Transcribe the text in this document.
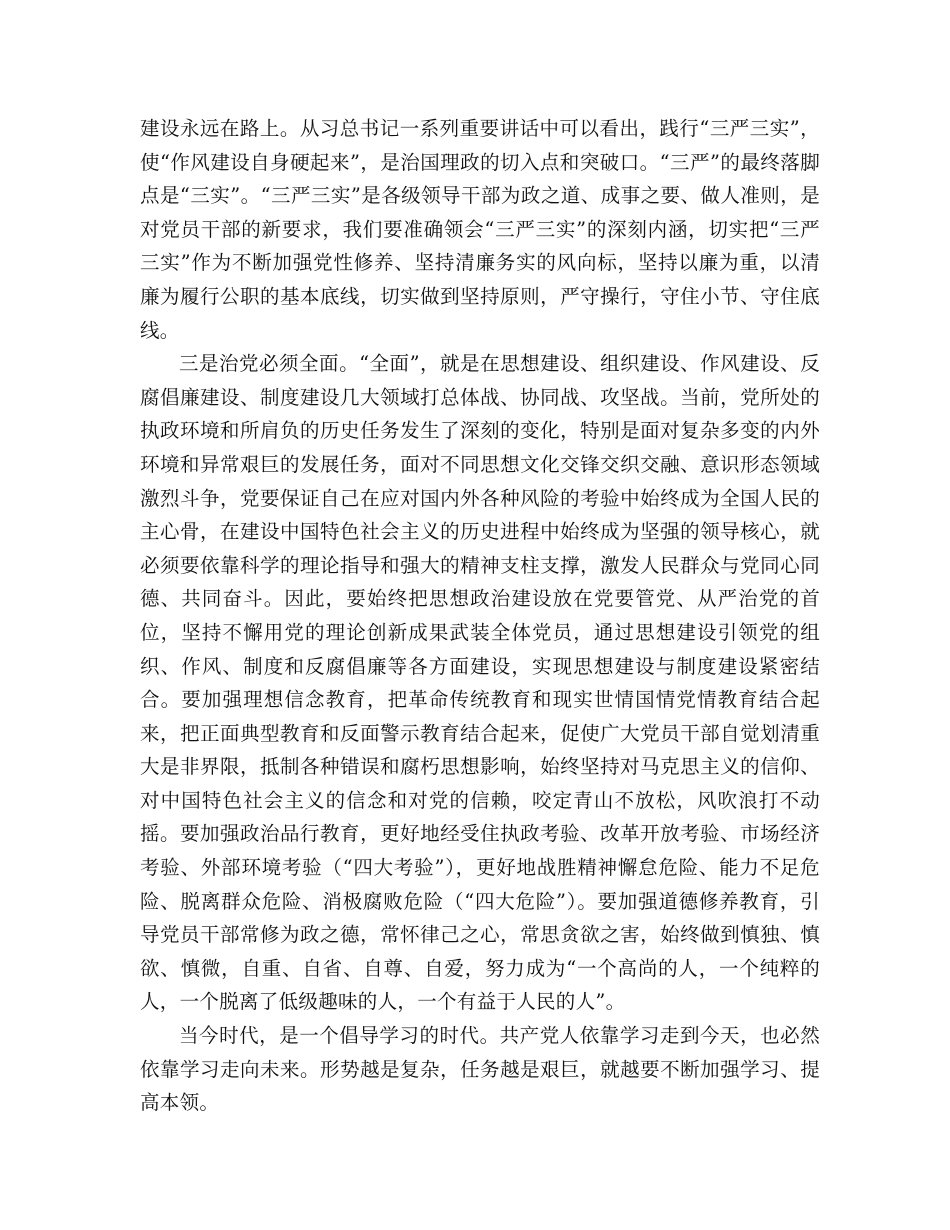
建设永远在路上。从习总书记一系列重要讲话中可以看出，践行“三严三实”，使“作风建设自身硬起来”，是治国理政的切入点和突破口。“三严”的最终落脚点是“三实”。“三严三实”是各级领导干部为政之道、成事之要、做人准则，是对党员干部的新要求，我们要准确领会“三严三实”的深刻内涵，切实把“三严三实”作为不断加强党性修养、坚持清廉务实的风向标，坚持以廉为重，以清廉为履行公职的基本底线，切实做到坚持原则，严守操行，守住小节、守住底线。

三是治党必须全面。“全面”，就是在思想建设、组织建设、作风建设、反腐倡廉建设、制度建设几大领域打总体战、协同战、攻坚战。当前，党所处的执政环境和所肩负的历史任务发生了深刻的变化，特别是面对复杂多变的内外环境和异常艰巨的发展任务，面对不同思想文化交锋交织交融、意识形态领域激烈斗争，党要保证自己在应对国内外各种风险的考验中始终成为全国人民的主心骨，在建设中国特色社会主义的历史进程中始终成为坚强的领导核心，就必须要依靠科学的理论指导和强大的精神支柱支撑，激发人民群众与党同心同德、共同奋斗。因此，要始终把思想政治建设放在党要管党、从严治党的首位，坚持不懈用党的理论创新成果武装全体党员，通过思想建设引领党的组织、作风、制度和反腐倡廉等各方面建设，实现思想建设与制度建设紧密结合。要加强理想信念教育，把革命传统教育和现实世情国情党情教育结合起来，把正面典型教育和反面警示教育结合起来，促使广大党员干部自觉划清重大是非界限，抵制各种错误和腐朽思想影响，始终坚持对马克思主义的信仰、对中国特色社会主义的信念和对党的信赖，咬定青山不放松，风吹浪打不动摇。要加强政治品行教育，更好地经受住执政考验、改革开放考验、市场经济考验、外部环境考验（“四大考验”），更好地战胜精神懈怠危险、能力不足危险、脱离群众危险、消极腐败危险（“四大危险”）。要加强道德修养教育，引导党员干部常修为政之德，常怀律己之心，常思贪欲之害，始终做到慎独、慎欲、慎微，自重、自省、自尊、自爱，努力成为“一个高尚的人，一个纯粹的人，一个脱离了低级趣味的人，一个有益于人民的人”。

当今时代，是一个倡导学习的时代。共产党人依靠学习走到今天，也必然依靠学习走向未来。形势越是复杂，任务越是艰巨，就越要不断加强学习、提高本领。
